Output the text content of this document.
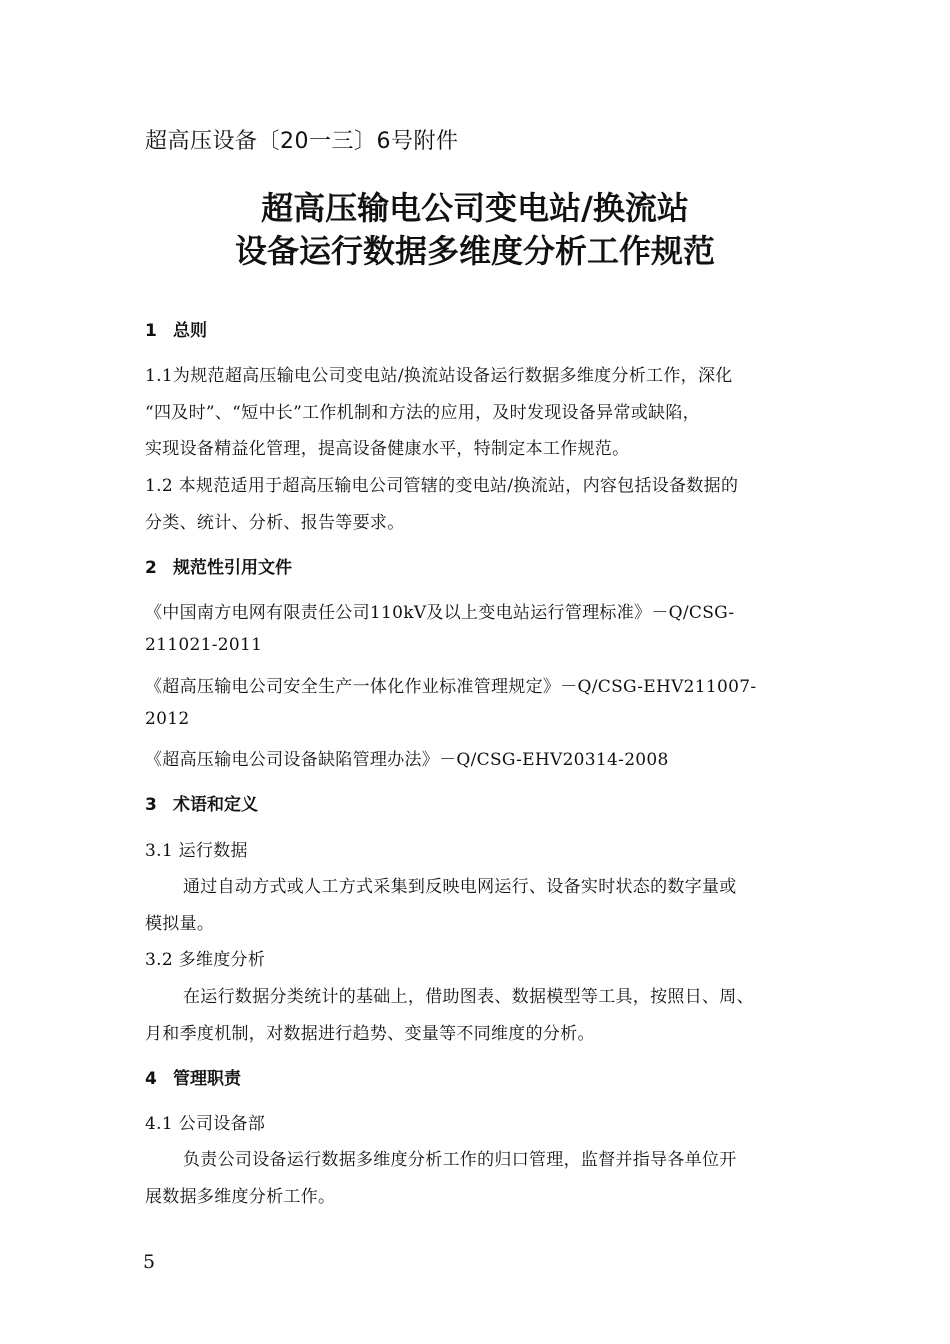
超高压设备〔20一三〕6号附件
超高压输电公司变电站/换流站
设备运行数据多维度分析工作规范
1 总则
1.1为规范超高压输电公司变电站/换流站设备运行数据多维度分析工作，深化
“四及时”、“短中长”工作机制和方法的应用，及时发现设备异常或缺陷，
实现设备精益化管理，提高设备健康水平，特制定本工作规范。
1.2 本规范适用于超高压输电公司管辖的变电站/换流站，内容包括设备数据的
分类、统计、分析、报告等要求。
2 规范性引用文件
《中国南方电网有限责任公司110kV及以上变电站运行管理标准》－Q/CSG-
211021-2011
《超高压输电公司安全生产一体化作业标准管理规定》－Q/CSG-EHV211007-
2012
《超高压输电公司设备缺陷管理办法》－Q/CSG-EHV20314-2008
3 术语和定义
3.1 运行数据
通过自动方式或人工方式采集到反映电网运行、设备实时状态的数字量或
模拟量。
3.2 多维度分析
在运行数据分类统计的基础上，借助图表、数据模型等工具，按照日、周、
月和季度机制，对数据进行趋势、变量等不同维度的分析。
4 管理职责
4.1 公司设备部
负责公司设备运行数据多维度分析工作的归口管理，监督并指导各单位开
展数据多维度分析工作。
5
